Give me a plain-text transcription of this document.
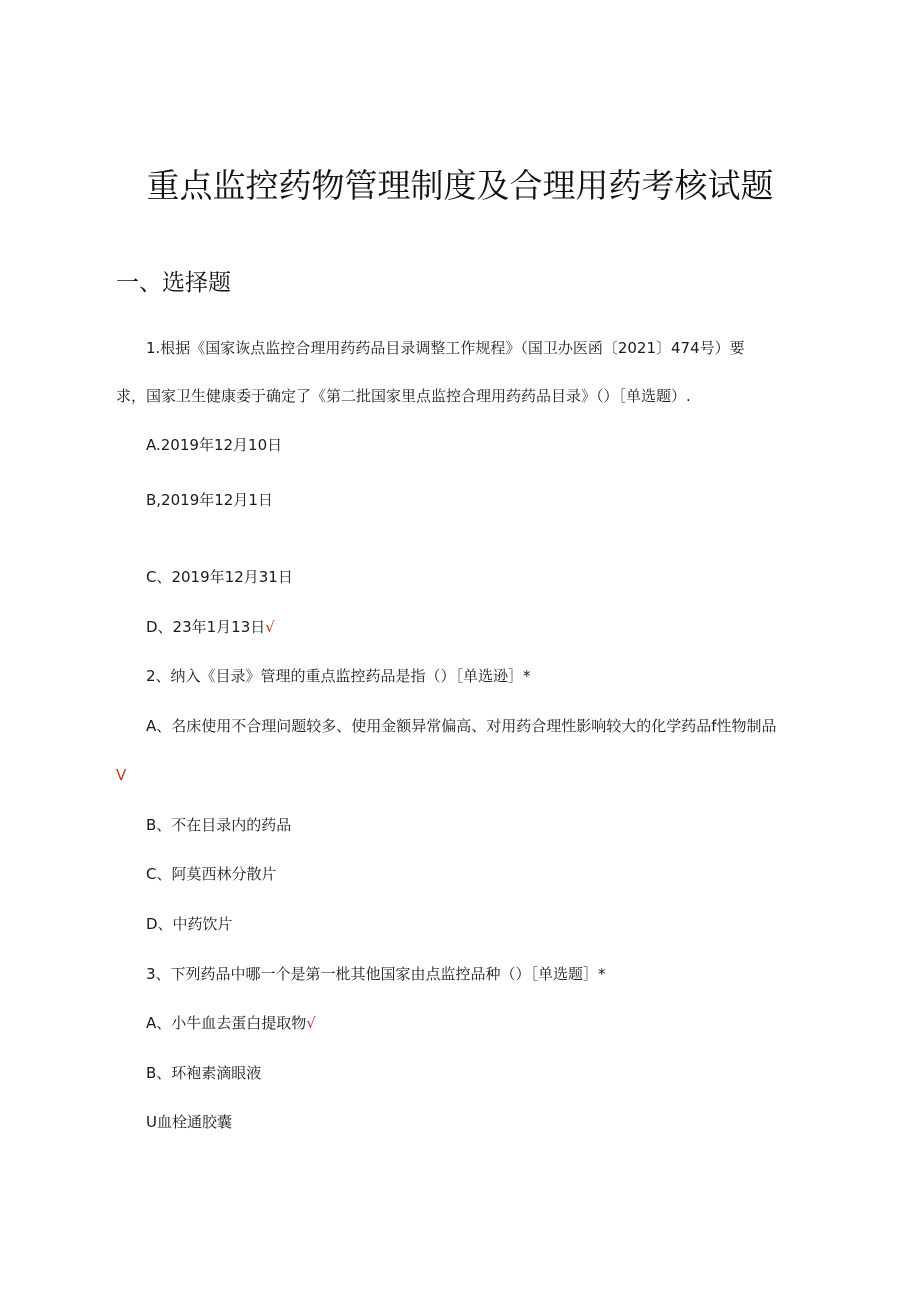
重点监控药物管理制度及合理用药考核试题
一、选择题
1.根据《国家诙点监控合理用药药品目录调整工作规程》（国卫办医函〔2021〕474号）要
求，国家卫生健康委于确定了《第二批国家里点监控合理用药药品目录》（）［单选题）.
A.2019年12月10日
B,2019年12月1日
C、2019年12月31日
D、23年1月13日√
2、纳入《目录》管理的重点监控药品是指（）［单选逊］*
A、名床使用不合理问题较多、使用金额异常偏高、对用药合理性影响较大的化学药品f性物制品
V
B、不在目录内的药品
C、阿莫西林分散片
D、中药饮片
3、下列药品中哪一个是第一枇其他国家由点监控品种（）［单选题］*
A、小牛血去蛋白提取物√
B、环袍素滴眼液
U血栓通胶囊
